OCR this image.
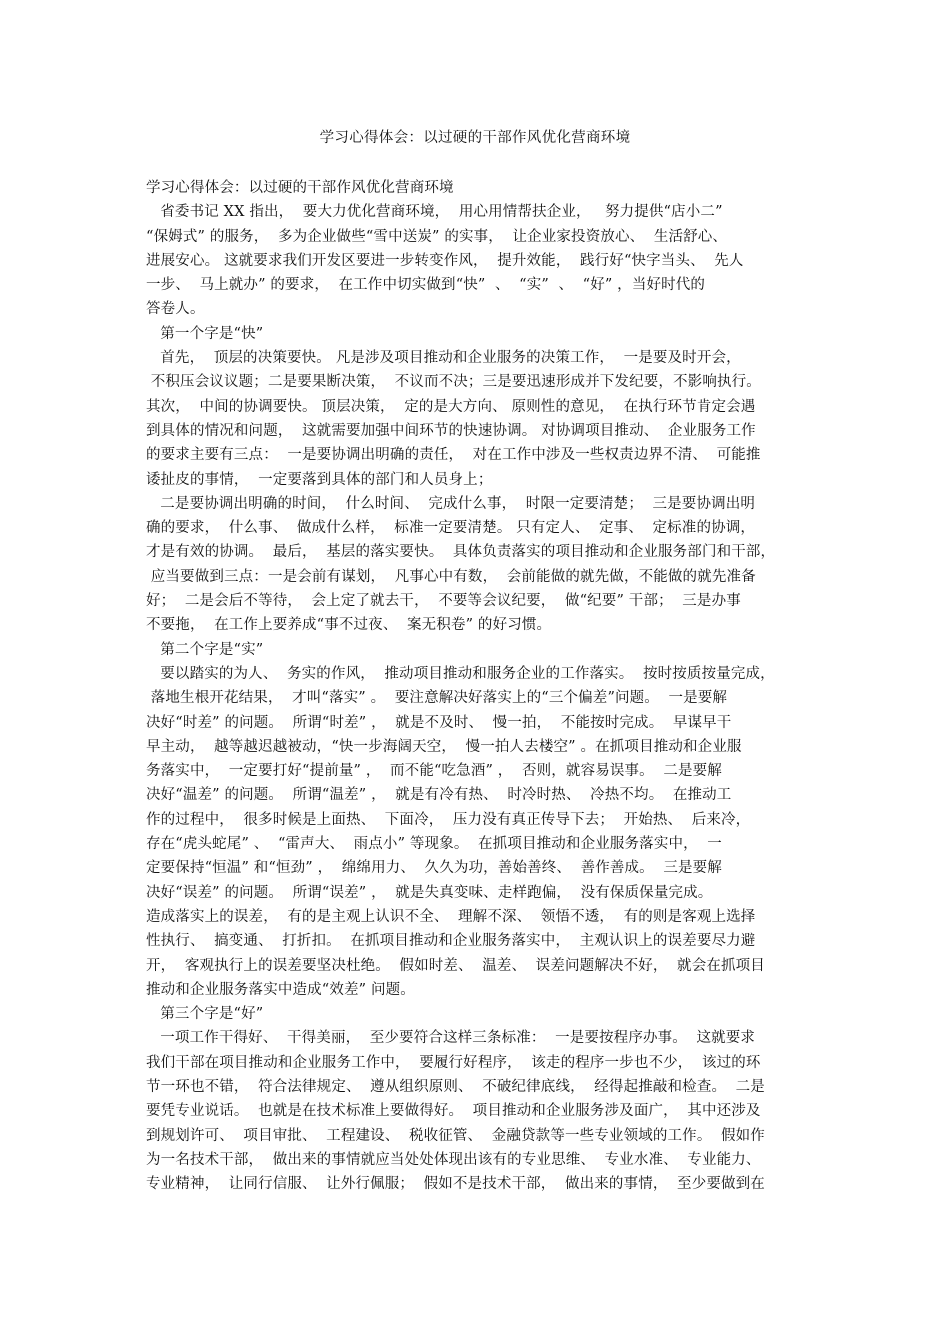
学习心得体会：以过硬的干部作风优化营商环境
学习心得体会：以过硬的干部作风优化营商环境
省委书记 XX 指出，  要大力优化营商环境，  用心用情帮扶企业，   努力提供“店小二”
“保姆式” 的服务，  多为企业做些“雪中送炭” 的实事，  让企业家投资放心、  生活舒心、
进展安心。 这就要求我们开发区要进一步转变作风，  提升效能，  践行好“快字当头、  先人
一步、  马上就办” 的要求，  在工作中切实做到“快”  、  “实”  、  “好” ，当好时代的
答卷人。
第一个字是“快”
首先，  顶层的决策要快。 凡是涉及项目推动和企业服务的决策工作，  一是要及时开会，
不积压会议议题；二是要果断决策，  不议而不决；三是要迅速形成并下发纪要，不影响执行。
其次，  中间的协调要快。 顶层决策，  定的是大方向、 原则性的意见，  在执行环节肯定会遇
到具体的情况和问题，  这就需要加强中间环节的快速协调。 对协调项目推动、  企业服务工作
的要求主要有三点：  一是要协调出明确的责任，  对在工作中涉及一些权责边界不清、  可能推
诿扯皮的事情，  一定要落到具体的部门和人员身上；
二是要协调出明确的时间，  什么时间、  完成什么事，  时限一定要清楚；  三是要协调出明
确的要求，  什么事、  做成什么样，  标准一定要清楚。 只有定人、  定事、  定标准的协调，
才是有效的协调。  最后，  基层的落实要快。  具体负责落实的项目推动和企业服务部门和干部，
应当要做到三点：一是会前有谋划，  凡事心中有数，  会前能做的就先做，不能做的就先准备
好；  二是会后不等待，  会上定了就去干，  不要等会议纪要，  做“纪要” 干部；  三是办事
不要拖，  在工作上要养成“事不过夜、  案无积卷” 的好习惯。
第二个字是“实”
要以踏实的为人、  务实的作风，  推动项目推动和服务企业的工作落实。  按时按质按量完成，
落地生根开花结果，  才叫“落实” 。  要注意解决好落实上的“三个偏差”问题。  一是要解
决好“时差” 的问题。  所谓“时差” ，  就是不及时、  慢一拍，  不能按时完成。  早谋早干
早主动，  越等越迟越被动，“快一步海阔天空，  慢一拍人去楼空” 。在抓项目推动和企业服
务落实中，  一定要打好“提前量” ，  而不能“吃急酒” ，  否则，就容易误事。  二是要解
决好“温差” 的问题。  所谓“温差” ，  就是有冷有热、  时冷时热、  冷热不均。  在推动工
作的过程中，  很多时候是上面热、  下面冷，  压力没有真正传导下去；  开始热、  后来冷，
存在“虎头蛇尾” 、  “雷声大、  雨点小” 等现象。  在抓项目推动和企业服务落实中，  一
定要保持“恒温” 和“恒劲” ，  绵绵用力、  久久为功，善始善终、  善作善成。  三是要解
决好“误差” 的问题。  所谓“误差” ，  就是失真变味、走样跑偏，  没有保质保量完成。
造成落实上的误差，  有的是主观上认识不全、  理解不深、  领悟不透，  有的则是客观上选择
性执行、  搞变通、  打折扣。  在抓项目推动和企业服务落实中，  主观认识上的误差要尽力避
开，  客观执行上的误差要坚决杜绝。  假如时差、  温差、  误差问题解决不好，  就会在抓项目
推动和企业服务落实中造成“效差” 问题。
第三个字是“好”
一项工作干得好、  干得美丽，  至少要符合这样三条标准：  一是要按程序办事。  这就要求
我们干部在项目推动和企业服务工作中，  要履行好程序，  该走的程序一步也不少，  该过的环
节一环也不错，  符合法律规定、  遵从组织原则、  不破纪律底线，  经得起推敲和检查。  二是
要凭专业说话。  也就是在技术标准上要做得好。  项目推动和企业服务涉及面广，  其中还涉及
到规划许可、  项目审批、  工程建设、  税收征管、  金融贷款等一些专业领域的工作。  假如作
为一名技术干部，  做出来的事情就应当处处体现出该有的专业思维、  专业水准、  专业能力、
专业精神，  让同行信服、  让外行佩服；  假如不是技术干部，  做出来的事情，  至少要做到在
